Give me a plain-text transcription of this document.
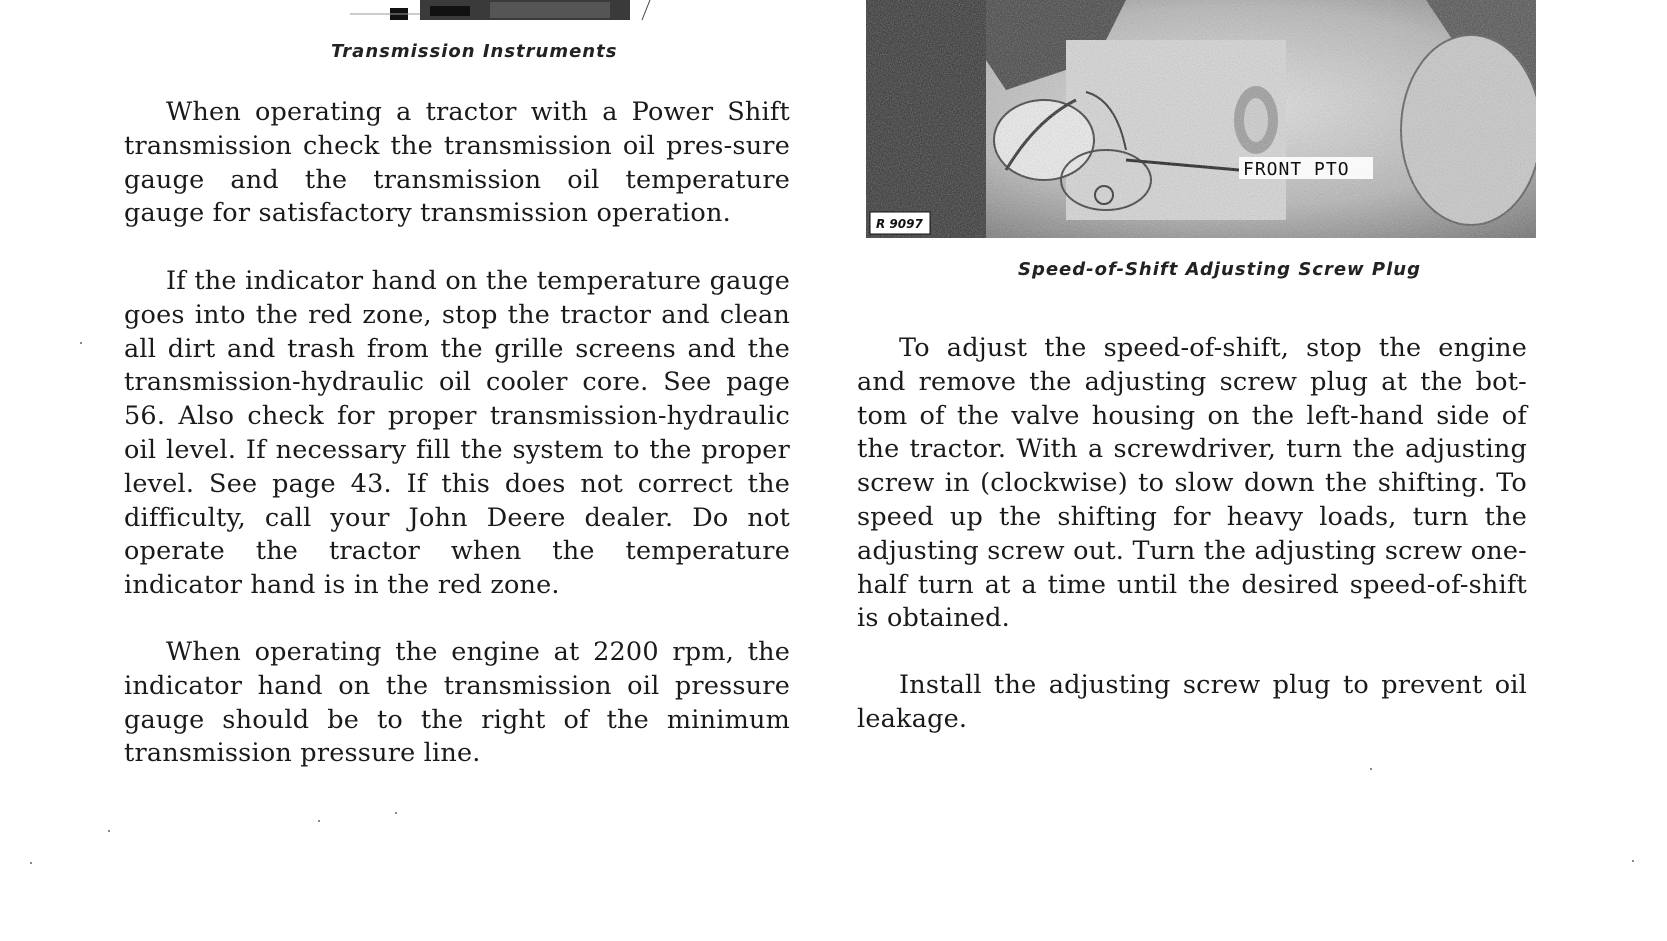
Transmission Instruments

When operating a tractor with a Power Shift transmission check the transmission oil pres-sure gauge and the transmission oil temperature gauge for satisfactory transmission operation.

If the indicator hand on the temperature gauge goes into the red zone, stop the tractor and clean all dirt and trash from the grille screens and the transmission-hydraulic oil cooler core. See page 56. Also check for proper transmission-hydraulic oil level. If necessary fill the system to the proper level. See page 43. If this does not correct the difficulty, call your John Deere dealer. Do not operate the tractor when the temperature indicator hand is in the red zone.

When operating the engine at 2200 rpm, the indicator hand on the transmission oil pressure gauge should be to the right of the minimum transmission pressure line.

FRONT PTO
R 9097
Speed-of-Shift Adjusting Screw Plug

To adjust the speed-of-shift, stop the engine and remove the adjusting screw plug at the bot-tom of the valve housing on the left-hand side of the tractor. With a screwdriver, turn the adjusting screw in (clockwise) to slow down the shifting. To speed up the shifting for heavy loads, turn the adjusting screw out. Turn the adjusting screw one-half turn at a time until the desired speed-of-shift is obtained.

Install the adjusting screw plug to prevent oil leakage.
